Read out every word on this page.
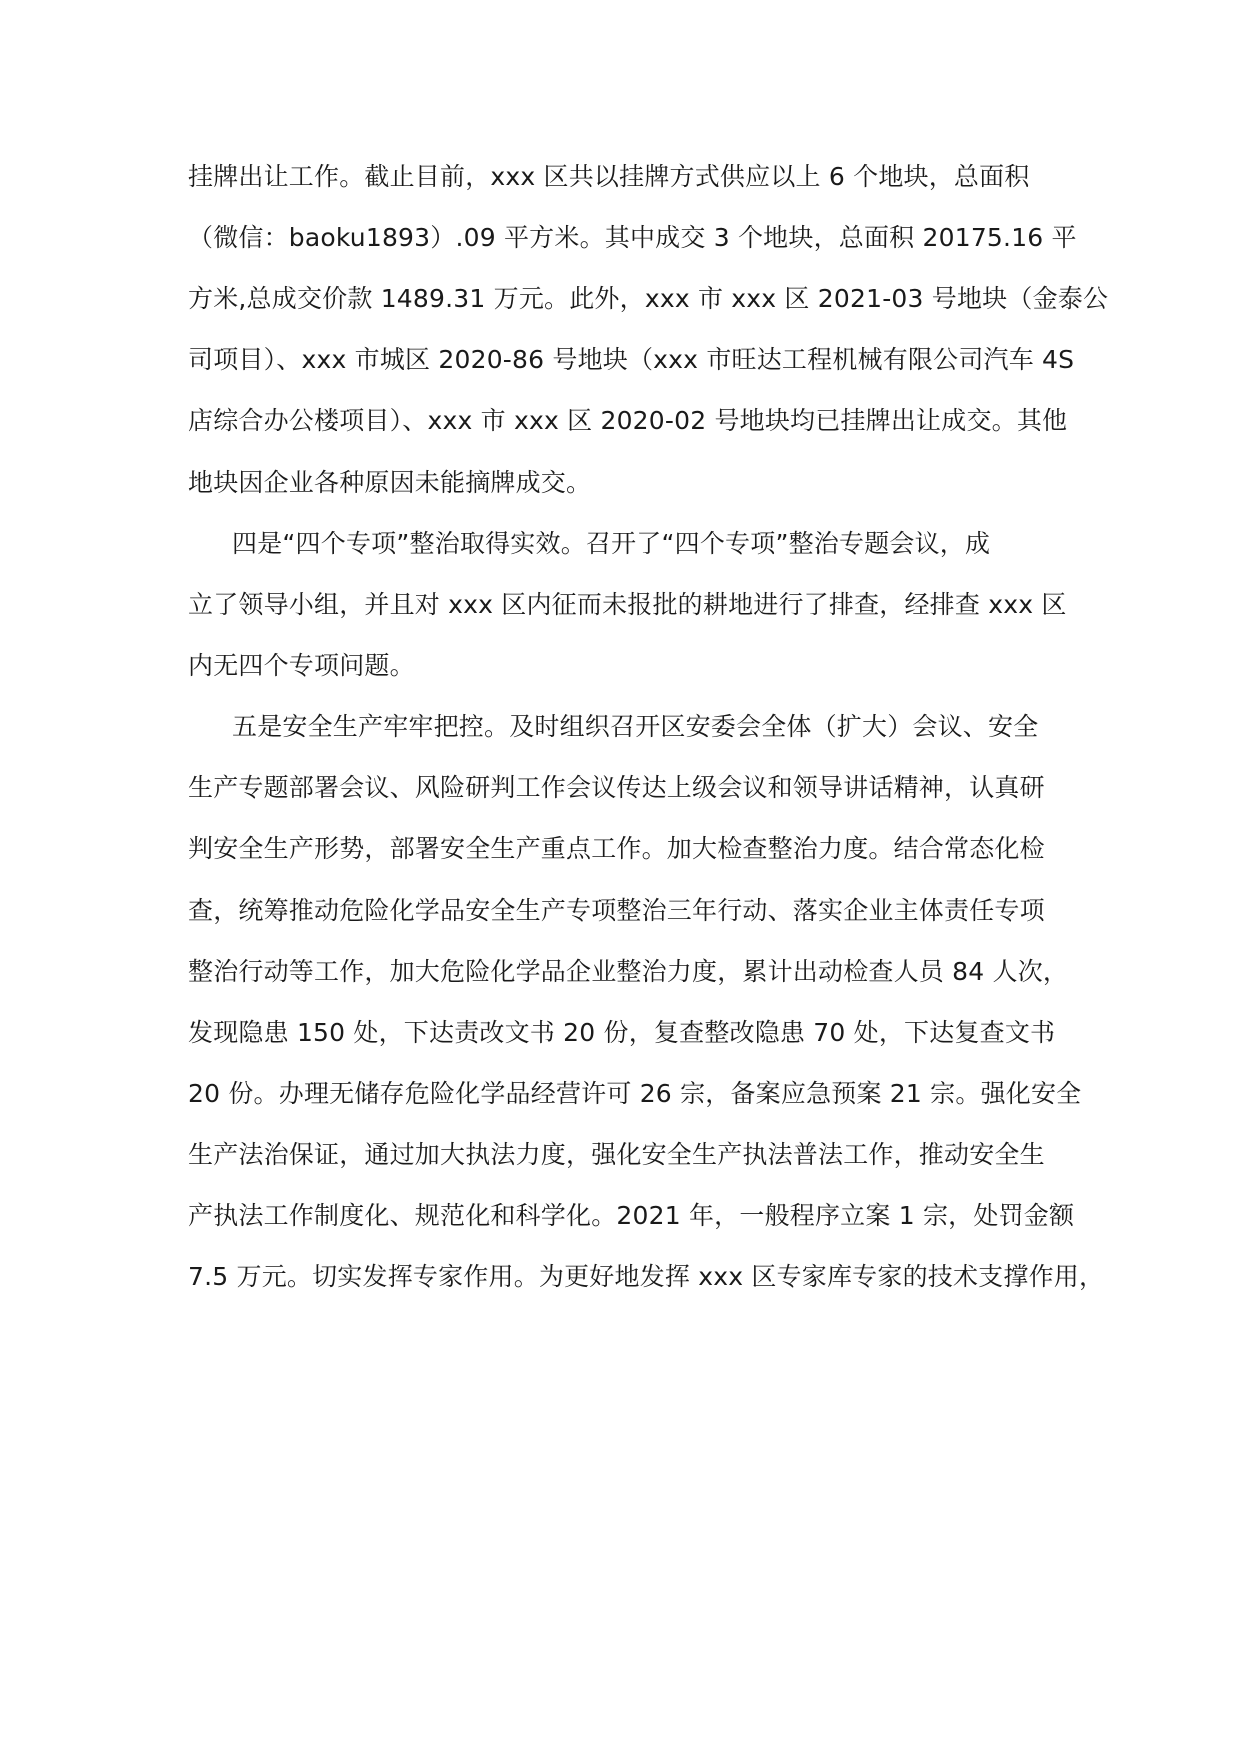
挂牌出让工作。截止目前，xxx 区共以挂牌方式供应以上 6 个地块，总面积
（微信：baoku1893）.09 平方米。其中成交 3 个地块，总面积 20175.16 平
方米,总成交价款 1489.31 万元。此外，xxx 市 xxx 区 2021-03 号地块（金泰公
司项目）、xxx 市城区 2020-86 号地块（xxx 市旺达工程机械有限公司汽车 4S
店综合办公楼项目）、xxx 市 xxx 区 2020-02 号地块均已挂牌出让成交。其他
地块因企业各种原因未能摘牌成交。
四是“四个专项”整治取得实效。召开了“四个专项”整治专题会议，成
立了领导小组，并且对 xxx 区内征而未报批的耕地进行了排查，经排查 xxx 区
内无四个专项问题。
五是安全生产牢牢把控。及时组织召开区安委会全体（扩大）会议、安全
生产专题部署会议、风险研判工作会议传达上级会议和领导讲话精神，认真研
判安全生产形势，部署安全生产重点工作。加大检查整治力度。结合常态化检
查，统筹推动危险化学品安全生产专项整治三年行动、落实企业主体责任专项
整治行动等工作，加大危险化学品企业整治力度，累计出动检查人员 84 人次，
发现隐患 150 处，下达责改文书 20 份，复查整改隐患 70 处，下达复查文书
20 份。办理无储存危险化学品经营许可 26 宗，备案应急预案 21 宗。强化安全
生产法治保证，通过加大执法力度，强化安全生产执法普法工作，推动安全生
产执法工作制度化、规范化和科学化。2021 年，一般程序立案 1 宗，处罚金额
7.5 万元。切实发挥专家作用。为更好地发挥 xxx 区专家库专家的技术支撑作用，
